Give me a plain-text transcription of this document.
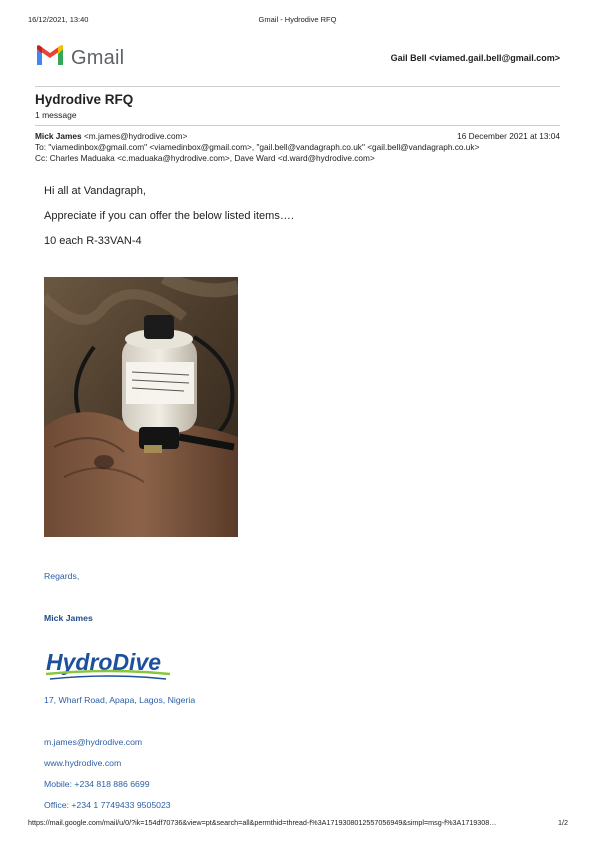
16/12/2021, 13:40	Gmail - Hydrodive RFQ
Gmail	Gail Bell <viamed.gail.bell@gmail.com>
Hydrodive RFQ
1 message
Mick James <m.james@hydrodive.com>	16 December 2021 at 13:04
To: "viamedinbox@gmail.com" <viamedinbox@gmail.com>, "gail.bell@vandagraph.co.uk" <gail.bell@vandagraph.co.uk>
Cc: Charles Maduaka <c.maduaka@hydrodive.com>, Dave Ward <d.ward@hydrodive.com>
Hi all at Vandagraph,
Appreciate if you can offer the below listed items….
10 each R-33VAN-4
Regards,
Mick James
HydroDive
17, Wharf Road, Apapa, Lagos, Nigeria
m.james@hydrodive.com
www.hydrodive.com
Mobile: +234 818 886 6699
Office: +234 1 7749433 9505023
https://mail.google.com/mail/u/0/?ik=154df70736&view=pt&search=all&permthid=thread-f%3A1719308012557056949&simpl=msg-f%3A1719308…	1/2
